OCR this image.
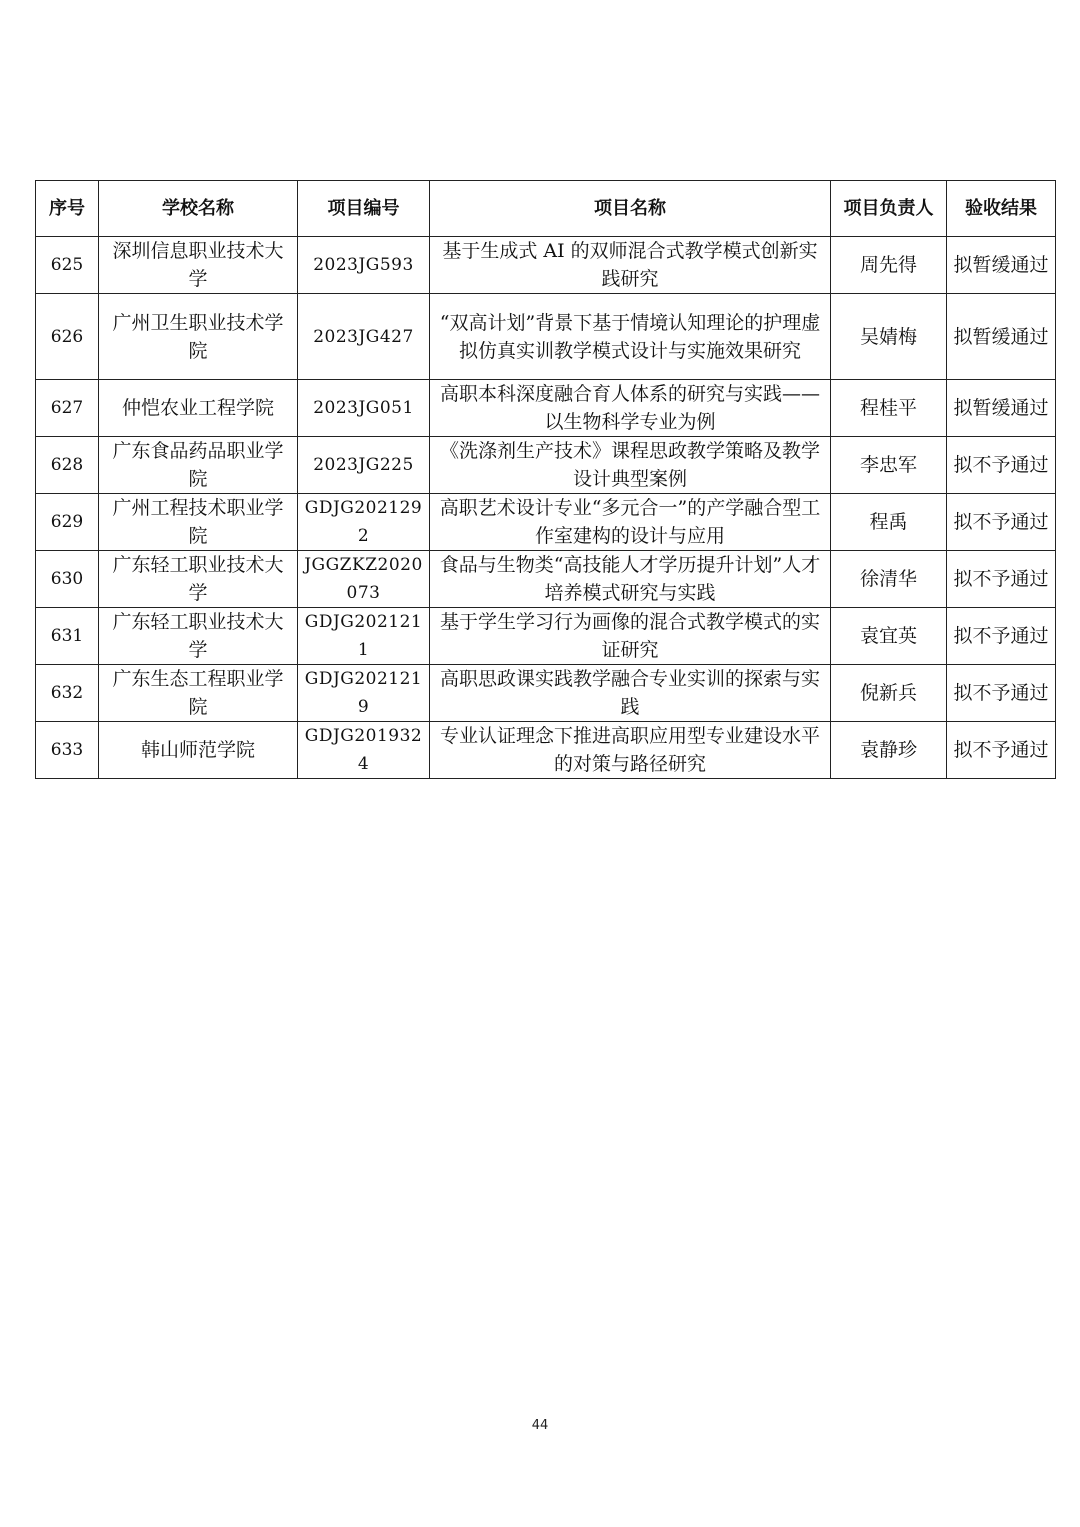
序号	学校名称	项目编号	项目名称	项目负责人	验收结果
625	深圳信息职业技术大学	2023JG593	基于生成式 AI 的双师混合式教学模式创新实践研究	周先得	拟暂缓通过
626	广州卫生职业技术学院	2023JG427	“双高计划”背景下基于情境认知理论的护理虚拟仿真实训教学模式设计与实施效果研究	吴婧梅	拟暂缓通过
627	仲恺农业工程学院	2023JG051	高职本科深度融合育人体系的研究与实践——以生物科学专业为例	程桂平	拟暂缓通过
628	广东食品药品职业学院	2023JG225	《洗涤剂生产技术》课程思政教学策略及教学设计典型案例	李忠军	拟不予通过
629	广州工程技术职业学院	GDJG2021292	高职艺术设计专业“多元合一”的产学融合型工作室建构的设计与应用	程禹	拟不予通过
630	广东轻工职业技术大学	JGGZKZ2020073	食品与生物类“高技能人才学历提升计划”人才培养模式研究与实践	徐清华	拟不予通过
631	广东轻工职业技术大学	GDJG2021211	基于学生学习行为画像的混合式教学模式的实证研究	袁宜英	拟不予通过
632	广东生态工程职业学院	GDJG2021219	高职思政课实践教学融合专业实训的探索与实践	倪新兵	拟不予通过
633	韩山师范学院	GDJG2019324	专业认证理念下推进高职应用型专业建设水平的对策与路径研究	袁静珍	拟不予通过
44
